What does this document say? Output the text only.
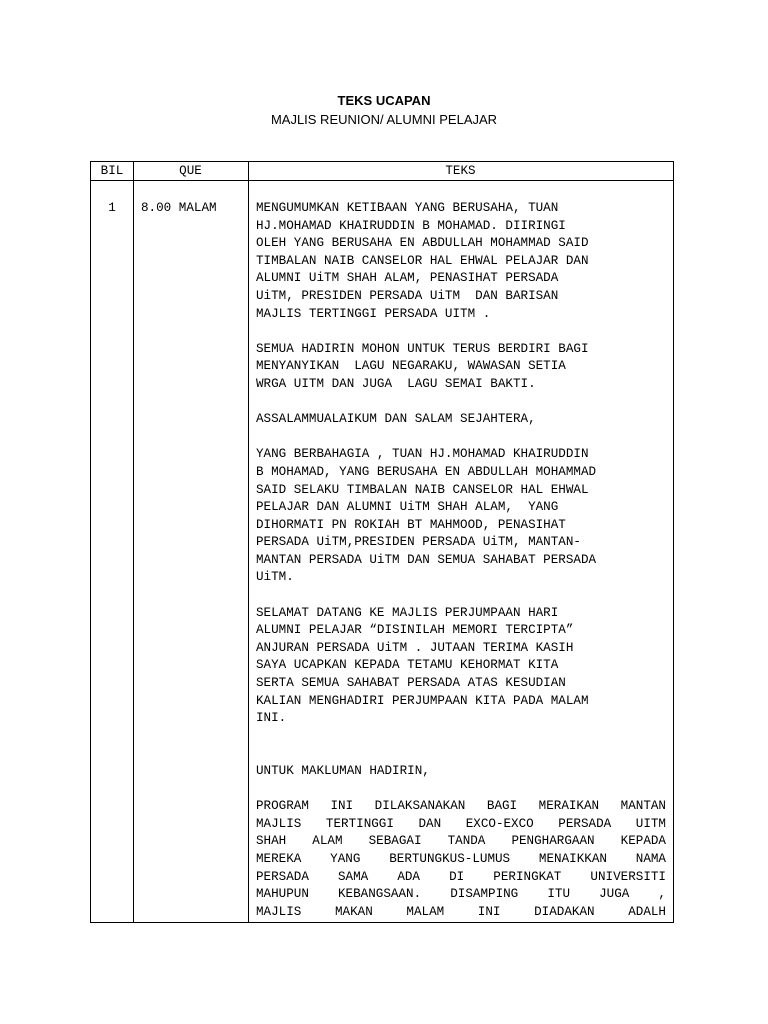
TEKS UCAPAN
MAJLIS REUNION/ ALUMNI PELAJAR
BIL	QUE	TEKS
1	8.00 MALAM	MENGUMUMKAN KETIBAAN YANG BERUSAHA, TUAN
HJ.MOHAMAD KHAIRUDDIN B MOHAMAD. DIIRINGI
OLEH YANG BERUSAHA EN ABDULLAH MOHAMMAD SAID
TIMBALAN NAIB CANSELOR HAL EHWAL PELAJAR DAN
ALUMNI UiTM SHAH ALAM, PENASIHAT PERSADA
UiTM, PRESIDEN PERSADA UiTM  DAN BARISAN
MAJLIS TERTINGGI PERSADA UITM .

SEMUA HADIRIN MOHON UNTUK TERUS BERDIRI BAGI
MENYANYIKAN  LAGU NEGARAKU, WAWASAN SETIA
WRGA UITM DAN JUGA  LAGU SEMAI BAKTI.

ASSALAMMUALAIKUM DAN SALAM SEJAHTERA,

YANG BERBAHAGIA , TUAN HJ.MOHAMAD KHAIRUDDIN
B MOHAMAD, YANG BERUSAHA EN ABDULLAH MOHAMMAD
SAID SELAKU TIMBALAN NAIB CANSELOR HAL EHWAL
PELAJAR DAN ALUMNI UiTM SHAH ALAM,  YANG
DIHORMATI PN ROKIAH BT MAHMOOD, PENASIHAT
PERSADA UiTM,PRESIDEN PERSADA UiTM, MANTAN-
MANTAN PERSADA UiTM DAN SEMUA SAHABAT PERSADA
UiTM.

SELAMAT DATANG KE MAJLIS PERJUMPAAN HARI
ALUMNI PELAJAR “DISINILAH MEMORI TERCIPTA”
ANJURAN PERSADA UiTM . JUTAAN TERIMA KASIH
SAYA UCAPKAN KEPADA TETAMU KEHORMAT KITA
SERTA SEMUA SAHABAT PERSADA ATAS KESUDIAN
KALIAN MENGHADIRI PERJUMPAAN KITA PADA MALAM
INI.

UNTUK MAKLUMAN HADIRIN,

PROGRAM INI DILAKSANAKAN BAGI MERAIKAN MANTAN
MAJLIS TERTINGGI DAN EXCO-EXCO PERSADA UITM
SHAH ALAM SEBAGAI TANDA PENGHARGAAN KEPADA
MEREKA YANG BERTUNGKUS-LUMUS MENAIKKAN NAMA
PERSADA SAMA ADA DI PERINGKAT UNIVERSITI
MAHUPUN KEBANGSAAN. DISAMPING ITU JUGA ,
MAJLIS MAKAN MALAM INI DIADAKAN ADALH
